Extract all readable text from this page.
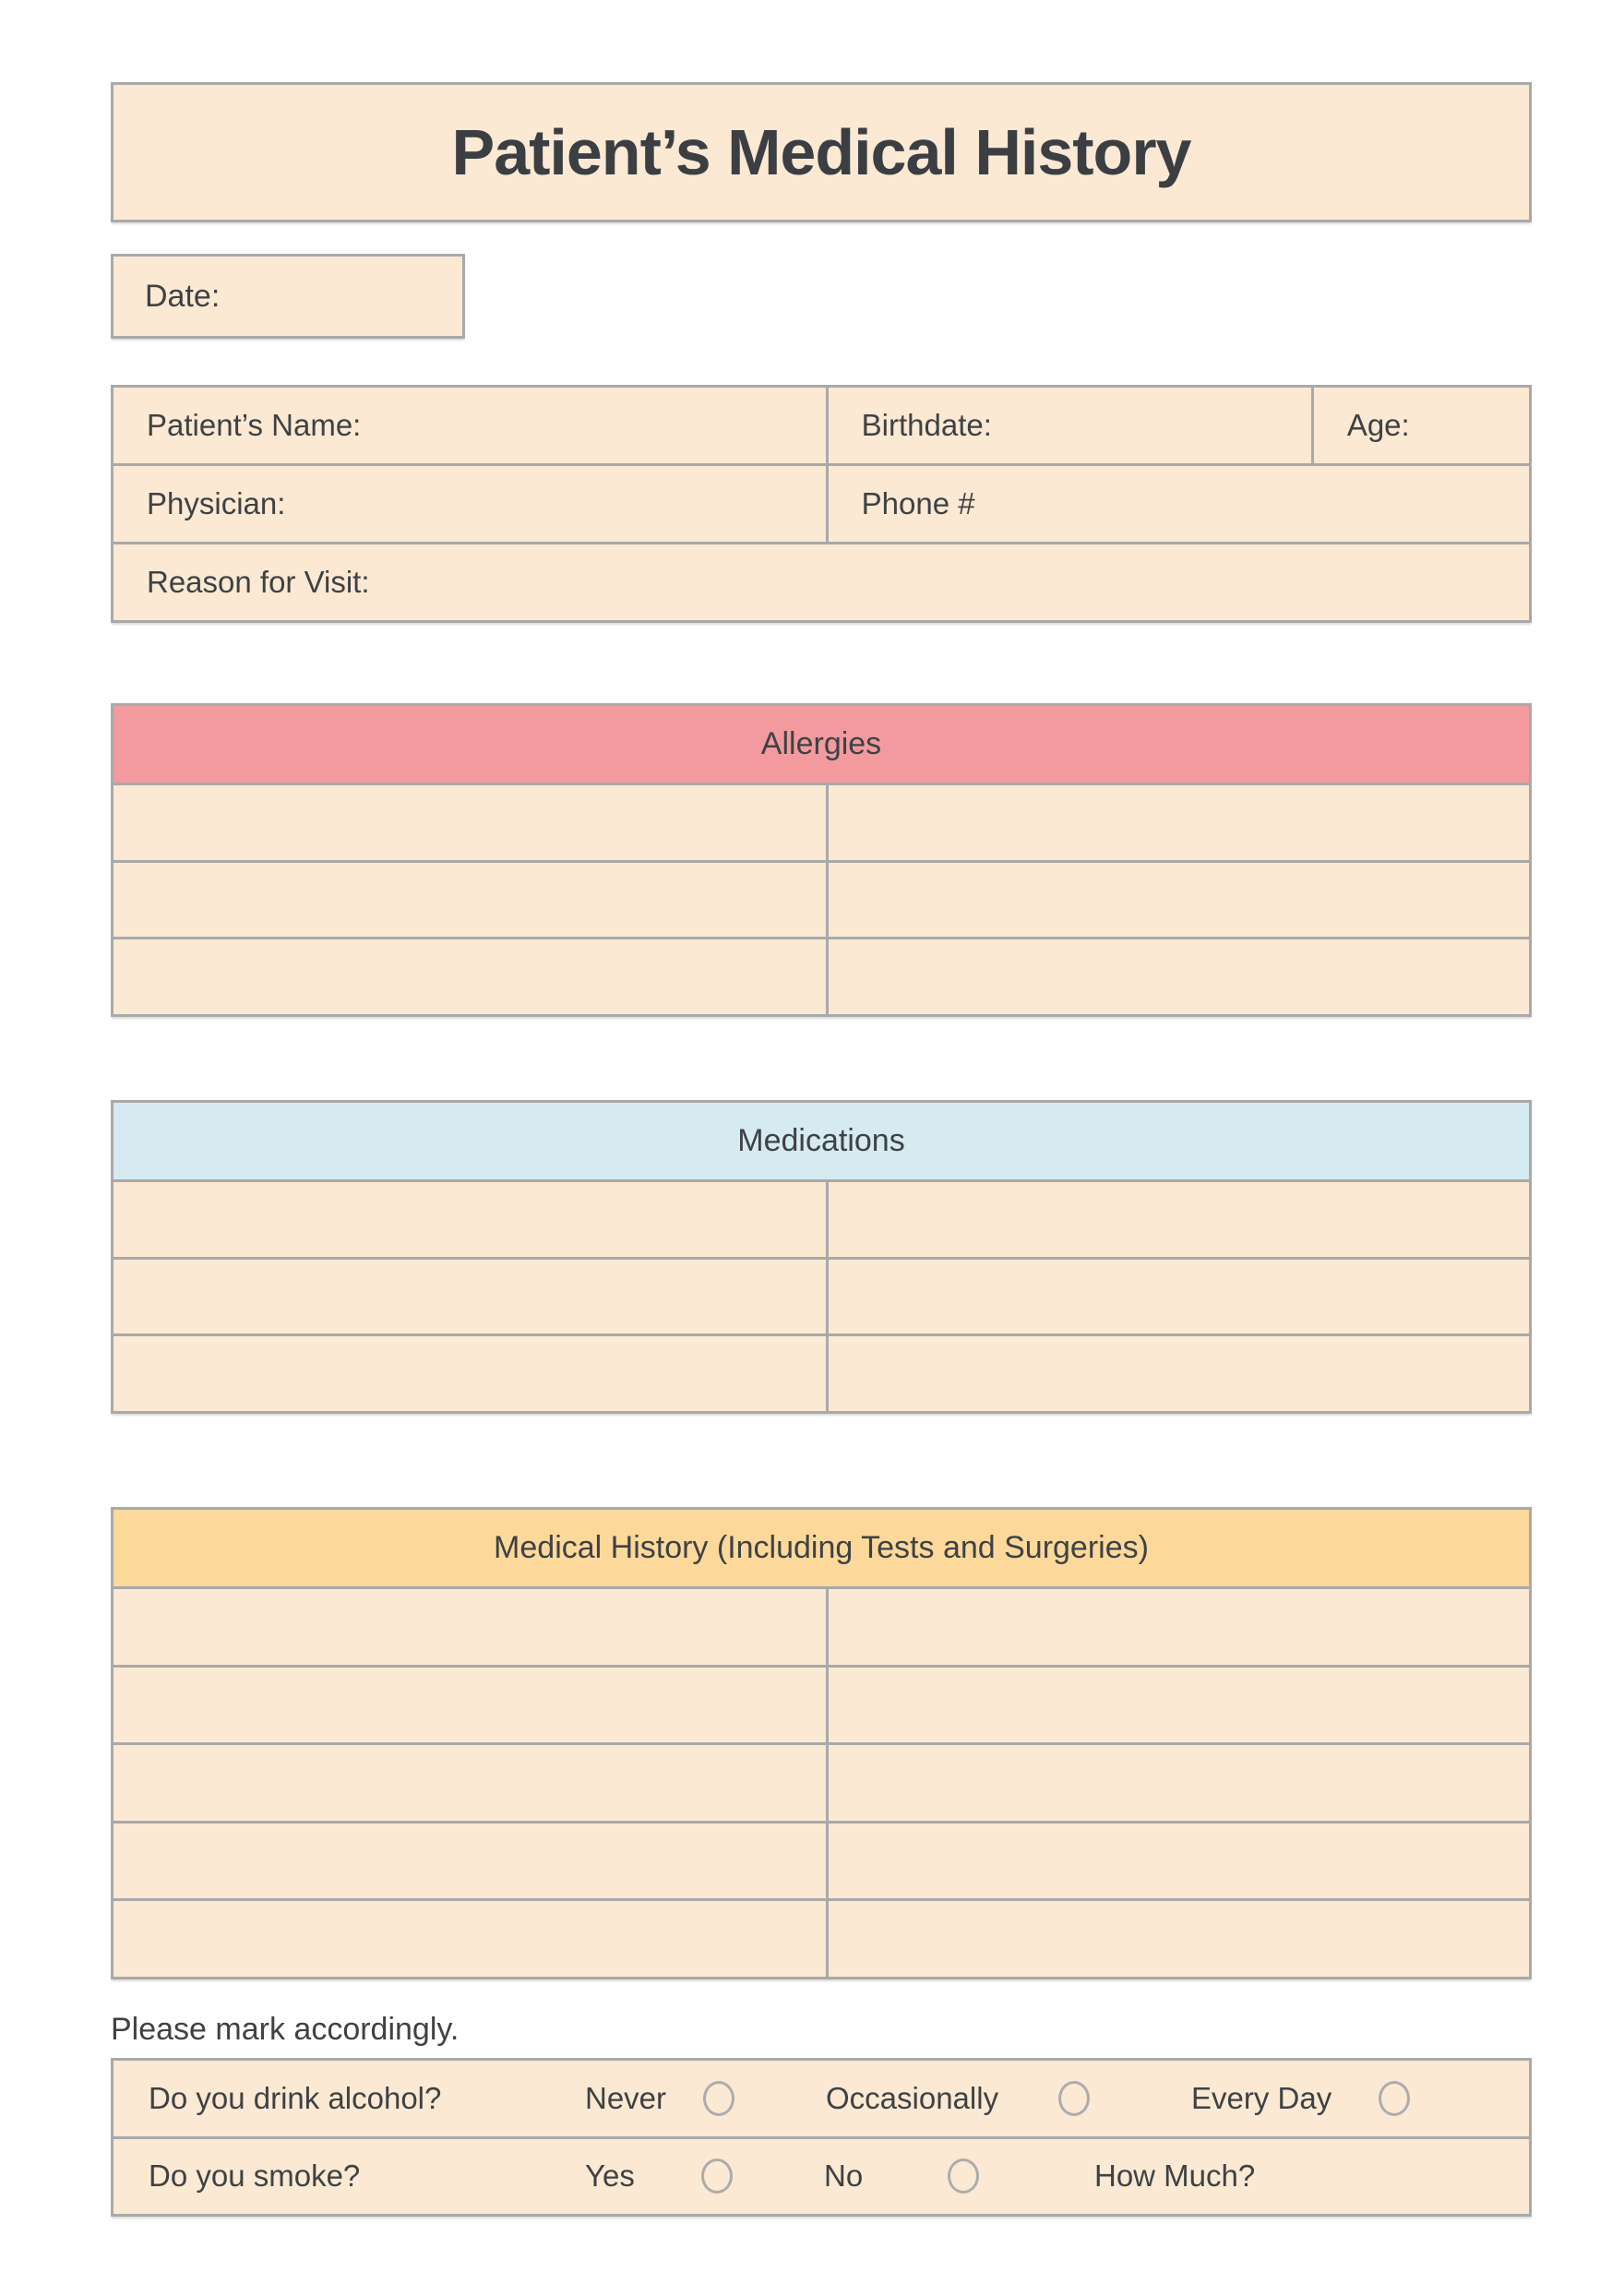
Patient’s Medical History
Date:
Patient’s Name:	Birthdate:	Age:
Physician:	Phone #
Reason for Visit:
Allergies
Medications
Medical History (Including Tests and Surgeries)
Please mark accordingly.
Do you drink alcohol?	Never	Occasionally	Every Day
Do you smoke?	Yes	No	How Much?
